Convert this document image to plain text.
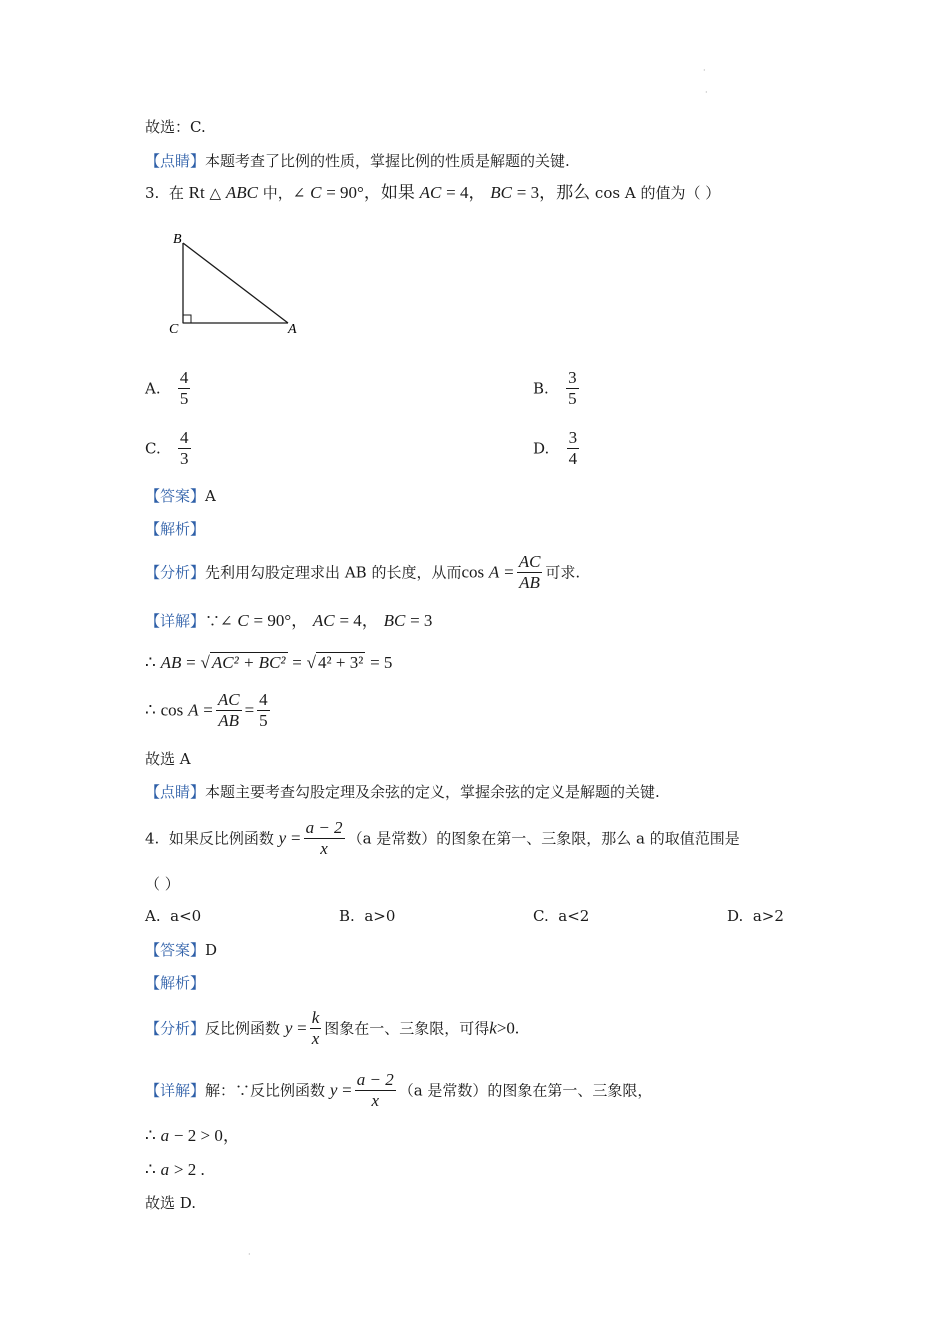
·
·
故选：C.
【点睛】本题考查了比例的性质，掌握比例的性质是解题的关键.
3. 在 Rt △ ABC 中，∠ C = 90°，如果 AC = 4， BC = 3，那么 cos A 的值为（ ）
B
C	A
A. $\frac{4}{5}$	B. $\frac{3}{5}$
C. $\frac{4}{3}$	D. $\frac{3}{4}$
【答案】A
【解析】
【分析】先利用勾股定理求出 AB 的长度，从而$\cos A = \frac{AC}{AB}$ 可求.
【详解】∵∠ C = 90°， AC = 4， BC = 3
∴ AB = √ AC² + BC² = √ 4² + 3² = 5
∴ $\cos A = \frac{AC}{AB} = \frac{4}{5}$
故选 A
【点睛】本题主要考查勾股定理及余弦的定义，掌握余弦的定义是解题的关键.
4. 如果反比例函数 $y = \frac{a - 2}{x} (a$ 是常数）的图象在第一、三象限，那么 a 的取值范围是
（ ）
A. a<0	B. a>0	C. a<2	D. a>2
【答案】D
【解析】
【分析】反比例函数 $y = \frac{k}{x}$ 图象在一、三象限，可得k>0.
【详解】解：∵反比例函数 $y = \frac{a - 2}{x} (a$ 是常数）的图象在第一、三象限，
∴ a − 2 > 0，
∴ a > 2 .
故选 D.
·
